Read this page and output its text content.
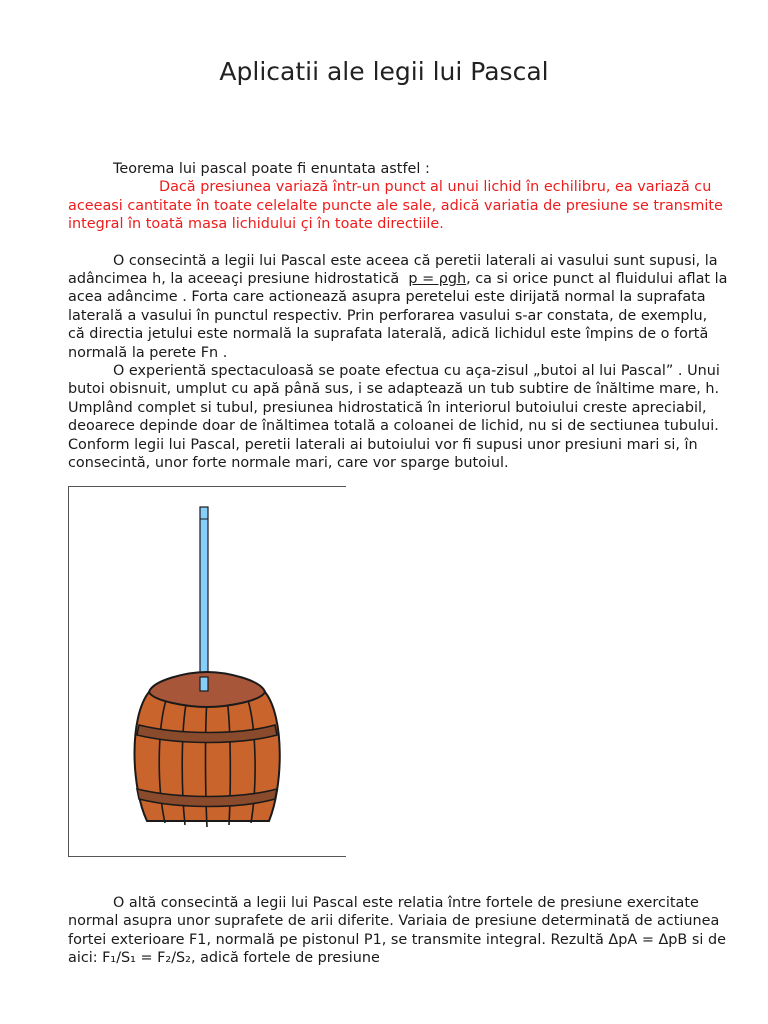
Aplicatii ale legii lui Pascal

Teorema lui pascal poate fi enuntata astfel :

Dacă presiunea variază într-un punct al unui lichid în echilibru, ea variază cu aceeasi cantitate în toate celelalte puncte ale sale, adică variatia de presiune se transmite integral în toată masa lichidului çi în toate directiile.

O consecintă a legii lui Pascal este aceea că peretii laterali ai vasului sunt supusi, la adâncimea h, la aceeaçi presiune hidrostatică p = ρgh, ca si orice punct al fluidului aflat la acea adâncime . Forta care actionează asupra peretelui este dirijată normal la suprafata laterală a vasului în punctul respectiv. Prin perforarea vasului s-ar constata, de exemplu, că directia jetului este normală la suprafata laterală, adică lichidul este împins de o fortă normală la perete Fn .

O experientă spectaculoasă se poate efectua cu aça-zisul „butoi al lui Pascal” . Unui butoi obisnuit, umplut cu apă până sus, i se adaptează un tub subtire de înăltime mare, h. Umplând complet si tubul, presiunea hidrostatică în interiorul butoiului creste apreciabil, deoarece depinde doar de înăltimea totală a coloanei de lichid, nu si de sectiunea tubului. Conform legii lui Pascal, peretii laterali ai butoiului vor fi supusi unor presiuni mari si, în consecintă, unor forte normale mari, care vor sparge butoiul.

O altă consecintă a legii lui Pascal este relatia între fortele de presiune exercitate normal asupra unor suprafete de arii diferite. Variaia de presiune determinată de actiunea fortei exterioare F1, normală pe pistonul P1, se transmite integral. Rezultă ΔpA = ΔpB si de aici: F₁/S₁ = F₂/S₂, adică fortele de presiune
